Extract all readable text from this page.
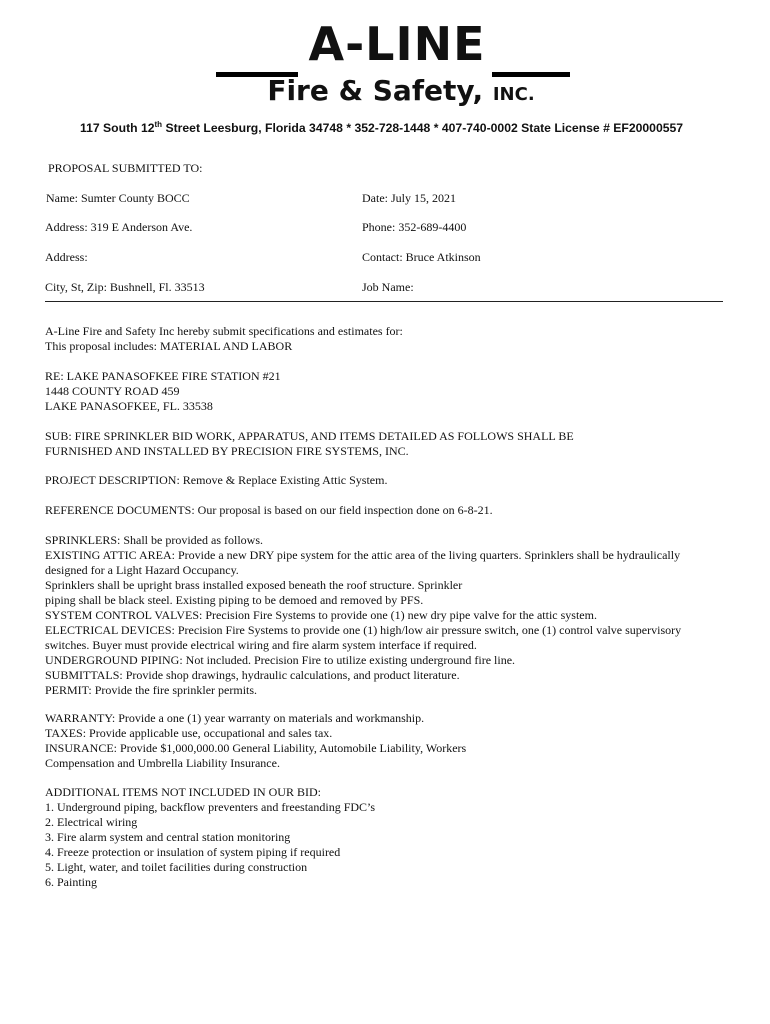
A-LINE
Fire & Safety, INC.
117 South 12th Street Leesburg, Florida 34748 * 352-728-1448 * 407-740-0002 State License # EF20000557
PROPOSAL SUBMITTED TO:
Name: Sumter County BOCC	Date: July 15, 2021
Address: 319 E Anderson Ave.	Phone: 352-689-4400
Address:	Contact: Bruce Atkinson
City, St, Zip: Bushnell, Fl. 33513	Job Name:
A-Line Fire and Safety Inc hereby submit specifications and estimates for:
This proposal includes: MATERIAL AND LABOR
RE: LAKE PANASOFKEE FIRE STATION #21
1448 COUNTY ROAD 459
LAKE PANASOFKEE, FL. 33538
SUB: FIRE SPRINKLER BID WORK, APPARATUS, AND ITEMS DETAILED AS FOLLOWS SHALL BE
FURNISHED AND INSTALLED BY PRECISION FIRE SYSTEMS, INC.
PROJECT DESCRIPTION: Remove & Replace Existing Attic System.
REFERENCE DOCUMENTS: Our proposal is based on our field inspection done on 6-8-21.
SPRINKLERS: Shall be provided as follows.
EXISTING ATTIC AREA: Provide a new DRY pipe system for the attic area of the living quarters. Sprinklers shall be hydraulically
designed for a Light Hazard Occupancy.
Sprinklers shall be upright brass installed exposed beneath the roof structure. Sprinkler
piping shall be black steel. Existing piping to be demoed and removed by PFS.
SYSTEM CONTROL VALVES: Precision Fire Systems to provide one (1) new dry pipe valve for the attic system.
ELECTRICAL DEVICES: Precision Fire Systems to provide one (1) high/low air pressure switch, one (1) control valve supervisory
switches. Buyer must provide electrical wiring and fire alarm system interface if required.
UNDERGROUND PIPING: Not included. Precision Fire to utilize existing underground fire line.
SUBMITTALS: Provide shop drawings, hydraulic calculations, and product literature.
PERMIT: Provide the fire sprinkler permits.
WARRANTY: Provide a one (1) year warranty on materials and workmanship.
TAXES: Provide applicable use, occupational and sales tax.
INSURANCE: Provide $1,000,000.00 General Liability, Automobile Liability, Workers
Compensation and Umbrella Liability Insurance.
ADDITIONAL ITEMS NOT INCLUDED IN OUR BID:
1. Underground piping, backflow preventers and freestanding FDC’s
2. Electrical wiring
3. Fire alarm system and central station monitoring
4. Freeze protection or insulation of system piping if required
5. Light, water, and toilet facilities during construction
6. Painting
